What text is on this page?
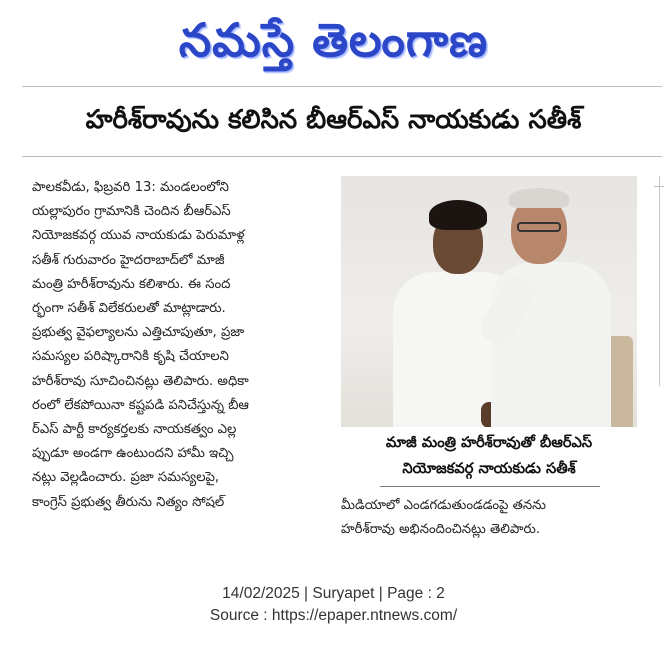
నమస్తే తెలంగాణ
హరీశ్‌రావును కలిసిన బీఆర్‌ఎస్ నాయకుడు సతీశ్

పాలకవీడు, ఫిబ్రవరి 13: మండలంలోని

యల్లాపురం గ్రామానికి చెందిన బీఆర్‌ఎస్

నియోజకవర్గ యువ నాయకుడు పెరుమాళ్ల

సతీశ్ గురువారం హైదరాబాద్‌లో మాజీ

మంత్రి హరీశ్‌రావును కలిశారు. ఈ సంద

ర్భంగా సతీశ్ విలేకరులతో మాట్లాడారు.

ప్రభుత్వ వైఫల్యాలను ఎత్తిచూపుతూ, ప్రజా

సమస్యల పరిష్కారానికి కృషి చేయాలని

హరీశ్‌రావు సూచించినట్లు తెలిపారు. అధికా

రంలో లేకపోయినా కష్టపడి పనిచేస్తున్న బీఆ

ర్‌ఎస్ పార్టీ కార్యకర్తలకు నాయకత్వం ఎల్ల

ప్పుడూ అండగా ఉంటుందని హామీ ఇచ్చి

నట్లు వెల్లడించారు. ప్రజా సమస్యలపై,

కాంగ్రెస్ ప్రభుత్వ తీరును నిత్యం సోషల్

మాజీ మంత్రి హరీశ్‌రావుతో బీఆర్‌ఎస్
నియోజకవర్గ నాయకుడు సతీశ్

మీడియాలో ఎండగడుతుండడంపై తనను

హరీశ్‌రావు అభినందించినట్లు తెలిపారు.

14/02/2025 | Suryapet | Page : 2
Source : https://epaper.ntnews.com/
